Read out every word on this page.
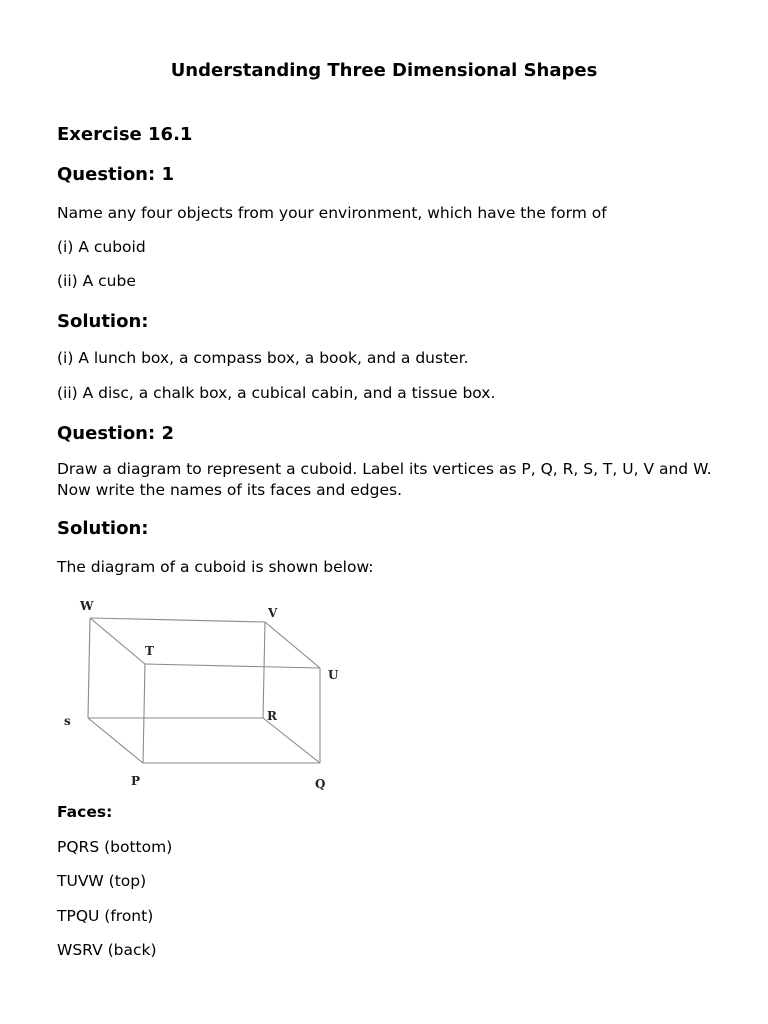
Understanding Three Dimensional Shapes
Exercise 16.1
Question: 1
Name any four objects from your environment, which have the form of
(i) A cuboid
(ii) A cube
Solution:
(i) A lunch box, a compass box, a book, and a duster.
(ii) A disc, a chalk box, a cubical cabin, and a tissue box.
Question: 2
Draw a diagram to represent a cuboid. Label its vertices as P, Q, R, S, T, U, V and W. Now write the names of its faces and edges.
Solution:
The diagram of a cuboid is shown below:
W	V
T
U
s	R
P	Q
Faces:
PQRS (bottom)
TUVW (top)
TPQU (front)
WSRV (back)
